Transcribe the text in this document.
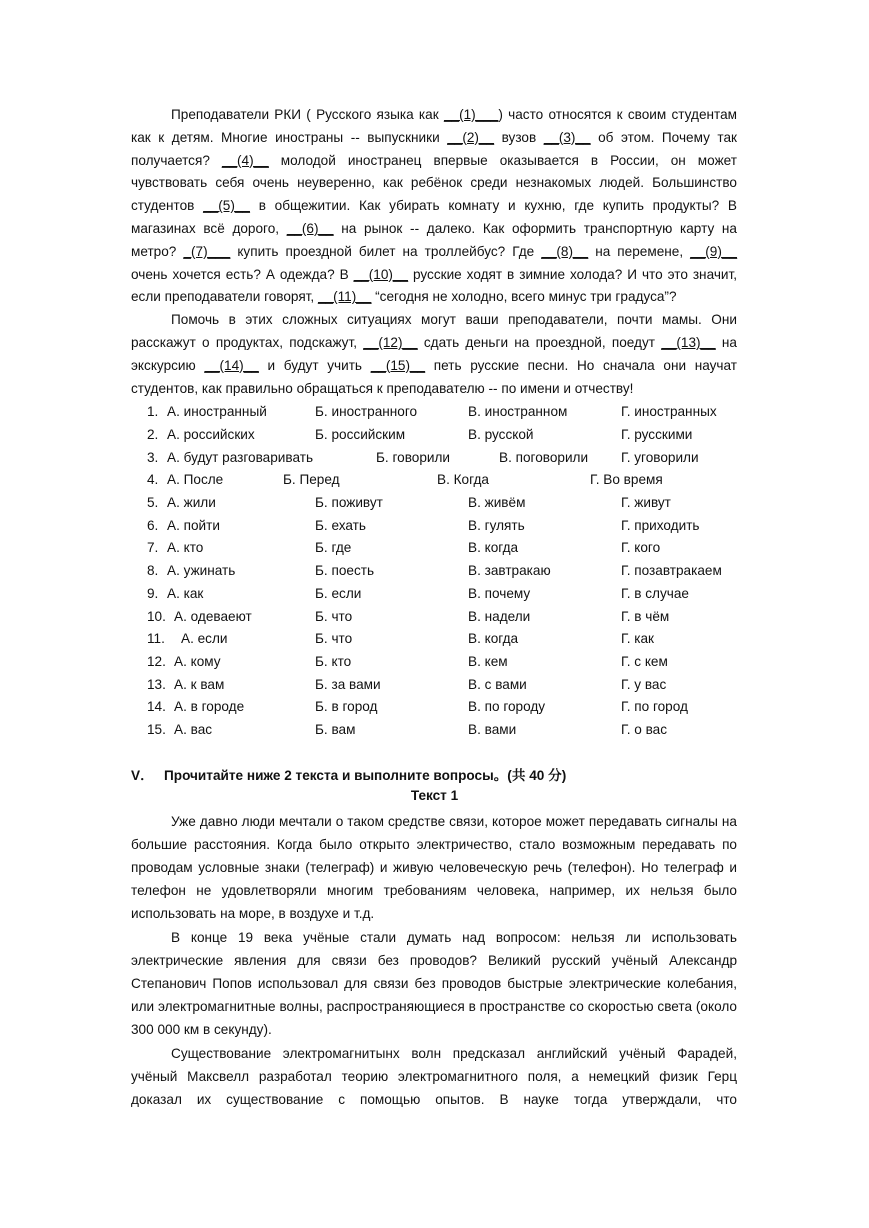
Преподаватели РКИ ( Русского языка как __(1)___) часто относятся к своим студентам как к детям. Многие иностраны -- выпускники __(2)__ вузов __(3)__ об этом. Почему так получается? __(4)__ молодой иностранец впервые оказывается в России, он может чувствовать себя очень неуверенно, как ребёнок среди незнакомых людей. Большинство студентов __(5)__ в общежитии. Как убирать комнату и кухню, где купить продукты? В магазинах всё дорого, __(6)__ на рынок -- далеко. Как оформить транспортную карту на метро? _(7)___ купить проездной билет на троллейбус? Где __(8)__ на перемене, __(9)__ очень хочется есть? А одежда? В __(10)__ русские ходят в зимние холода? И что это значит, если преподаватели говорят, __(11)__ “сегодня не холодно, всего минус три градуса”?

Помочь в этих сложных ситуациях могут ваши преподаватели, почти мамы. Они расскажут о продуктах, подскажут, __(12)__ сдать деньги на проездной, поедут __(13)__ на экскурсию __(14)__ и будут учить __(15)__ петь русские песни. Но сначала они научат студентов, как правильно обращаться к преподавателю -- по имени и отчеству!

1. А. иностранный	Б. иностранного	В. иностранном	Г. иностранных
2. А. российских	Б. российским	В. русской	Г. русскими
3. А. будут разговаривать	Б. говорили	В. поговорили Г. уговорили
4. А. После	Б. Перед	В. Когда	Г. Во время
5. А. жили	Б. поживут	В. живём	Г. живут
6. А. пойти	Б. ехать	В. гулять	Г. приходить
7. А. кто	Б. где	В. когда	Г. кого
8. А. ужинать	Б. поесть	В. завтракаю	Г. позавтракаем
9. А. как	Б. если	В. почему	Г. в случае
10. А. одеваеют	Б. что	В. надели	Г. в чём
11. А. если	Б. что	В. когда	Г. как
12. А. кому	Б. кто	В. кем	Г. с кем
13. А. к вам	Б. за вами	В. с вами	Г. у вас
14. А. в городе	Б. в город	В. по городу	Г. по город
15. А. вас	Б. вам	В. вами	Г. о вас
V． Прочитайте ниже 2 текста и выполните вопросы。(共 40 分)
Текст 1

Уже давно люди мечтали о таком средстве связи, которое может передавать сигналы на большие расстояния. Когда было открыто электричество, стало возможным передавать по проводам условные знаки (телеграф) и живую человеческую речь (телефон). Но телеграф и телефон не удовлетворяли многим требованиям человека, например, их нельзя было использовать на море, в воздухе и т.д.

В конце 19 века учёные стали думать над вопросом: нельзя ли использовать электрические явления для связи без проводов? Великий русский учёный Александр Степанович Попов использовал для связи без проводов быстрые электрические колебания, или электромагнитные волны, распространяющиеся в пространстве со скоростью света (около 300 000 км в секунду).

Существование электромагнитынх волн предсказал английский учёный Фарадей, учёный Максвелл разработал теорию электромагнитного поля, а немецкий физик Герц доказал их существование с помощью опытов. В науке тогда утверждали, что
